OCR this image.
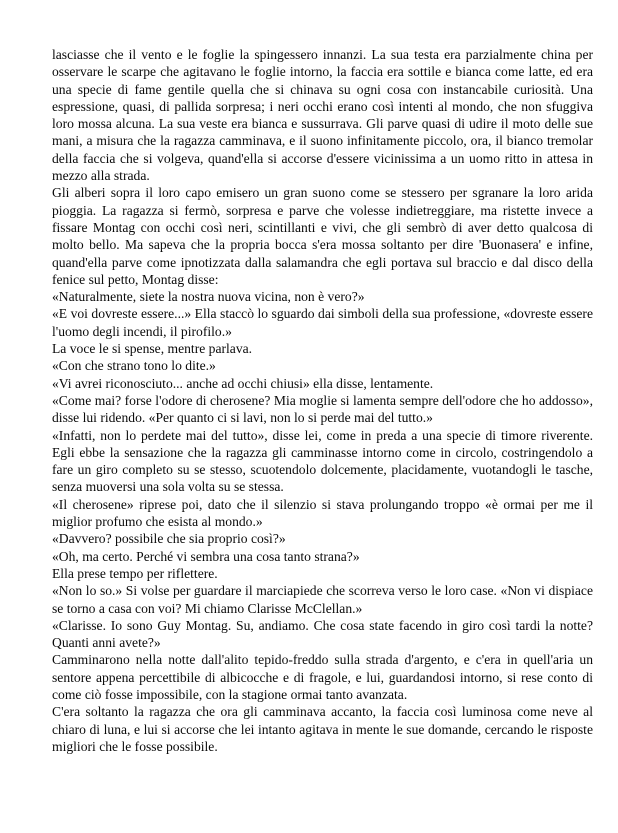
lasciasse che il vento e le foglie la spingessero innanzi. La sua testa era parzialmente china per osservare le scarpe che agitavano le foglie intorno, la faccia era sottile e bianca come latte, ed era una specie di fame gentile quella che si chinava su ogni cosa con instancabile curiosità. Una espressione, quasi, di pallida sorpresa; i neri occhi erano così intenti al mondo, che non sfuggiva loro mossa alcuna. La sua veste era bianca e sussurrava. Gli parve quasi di udire il moto delle sue mani, a misura che la ragazza camminava, e il suono infinitamente piccolo, ora, il bianco tremolar della faccia che si volgeva, quand'ella si accorse d'essere vicinissima a un uomo ritto in attesa in mezzo alla strada.

Gli alberi sopra il loro capo emisero un gran suono come se stessero per sgranare la loro arida pioggia. La ragazza si fermò, sorpresa e parve che volesse indietreggiare, ma ristette invece a fissare Montag con occhi così neri, scintillanti e vivi, che gli sembrò di aver detto qualcosa di molto bello. Ma sapeva che la propria bocca s'era mossa soltanto per dire 'Buonasera' e infine, quand'ella parve come ipnotizzata dalla salamandra che egli portava sul braccio e dal disco della fenice sul petto, Montag disse:

«Naturalmente, siete la nostra nuova vicina, non è vero?»

«E voi dovreste essere...» Ella staccò lo sguardo dai simboli della sua professione, «dovreste essere l'uomo degli incendi, il pirofilo.»

La voce le si spense, mentre parlava.

«Con che strano tono lo dite.»

«Vi avrei riconosciuto... anche ad occhi chiusi» ella disse, lentamente.

«Come mai? forse l'odore di cherosene? Mia moglie si lamenta sempre dell'odore che ho addosso», disse lui ridendo. «Per quanto ci si lavi, non lo si perde mai del tutto.»

«Infatti, non lo perdete mai del tutto», disse lei, come in preda a una specie di timore riverente. Egli ebbe la sensazione che la ragazza gli camminasse intorno come in circolo, costringendolo a fare un giro completo su se stesso, scuotendolo dolcemente, placidamente, vuotandogli le tasche, senza muoversi una sola volta su se stessa.

«Il cherosene» riprese poi, dato che il silenzio si stava prolungando troppo «è ormai per me il miglior profumo che esista al mondo.»

«Davvero? possibile che sia proprio così?»

«Oh, ma certo. Perché vi sembra una cosa tanto strana?»

Ella prese tempo per riflettere.

«Non lo so.» Si volse per guardare il marciapiede che scorreva verso le loro case. «Non vi dispiace se torno a casa con voi? Mi chiamo Clarisse McClellan.»

«Clarisse. Io sono Guy Montag. Su, andiamo. Che cosa state facendo in giro così tardi la notte? Quanti anni avete?»

Camminarono nella notte dall'alito tepido-freddo sulla strada d'argento, e c'era in quell'aria un sentore appena percettibile di albicocche e di fragole, e lui, guardandosi intorno, si rese conto di come ciò fosse impossibile, con la stagione ormai tanto avanzata.

C'era soltanto la ragazza che ora gli camminava accanto, la faccia così luminosa come neve al chiaro di luna, e lui si accorse che lei intanto agitava in mente le sue domande, cercando le risposte migliori che le fosse possibile.
